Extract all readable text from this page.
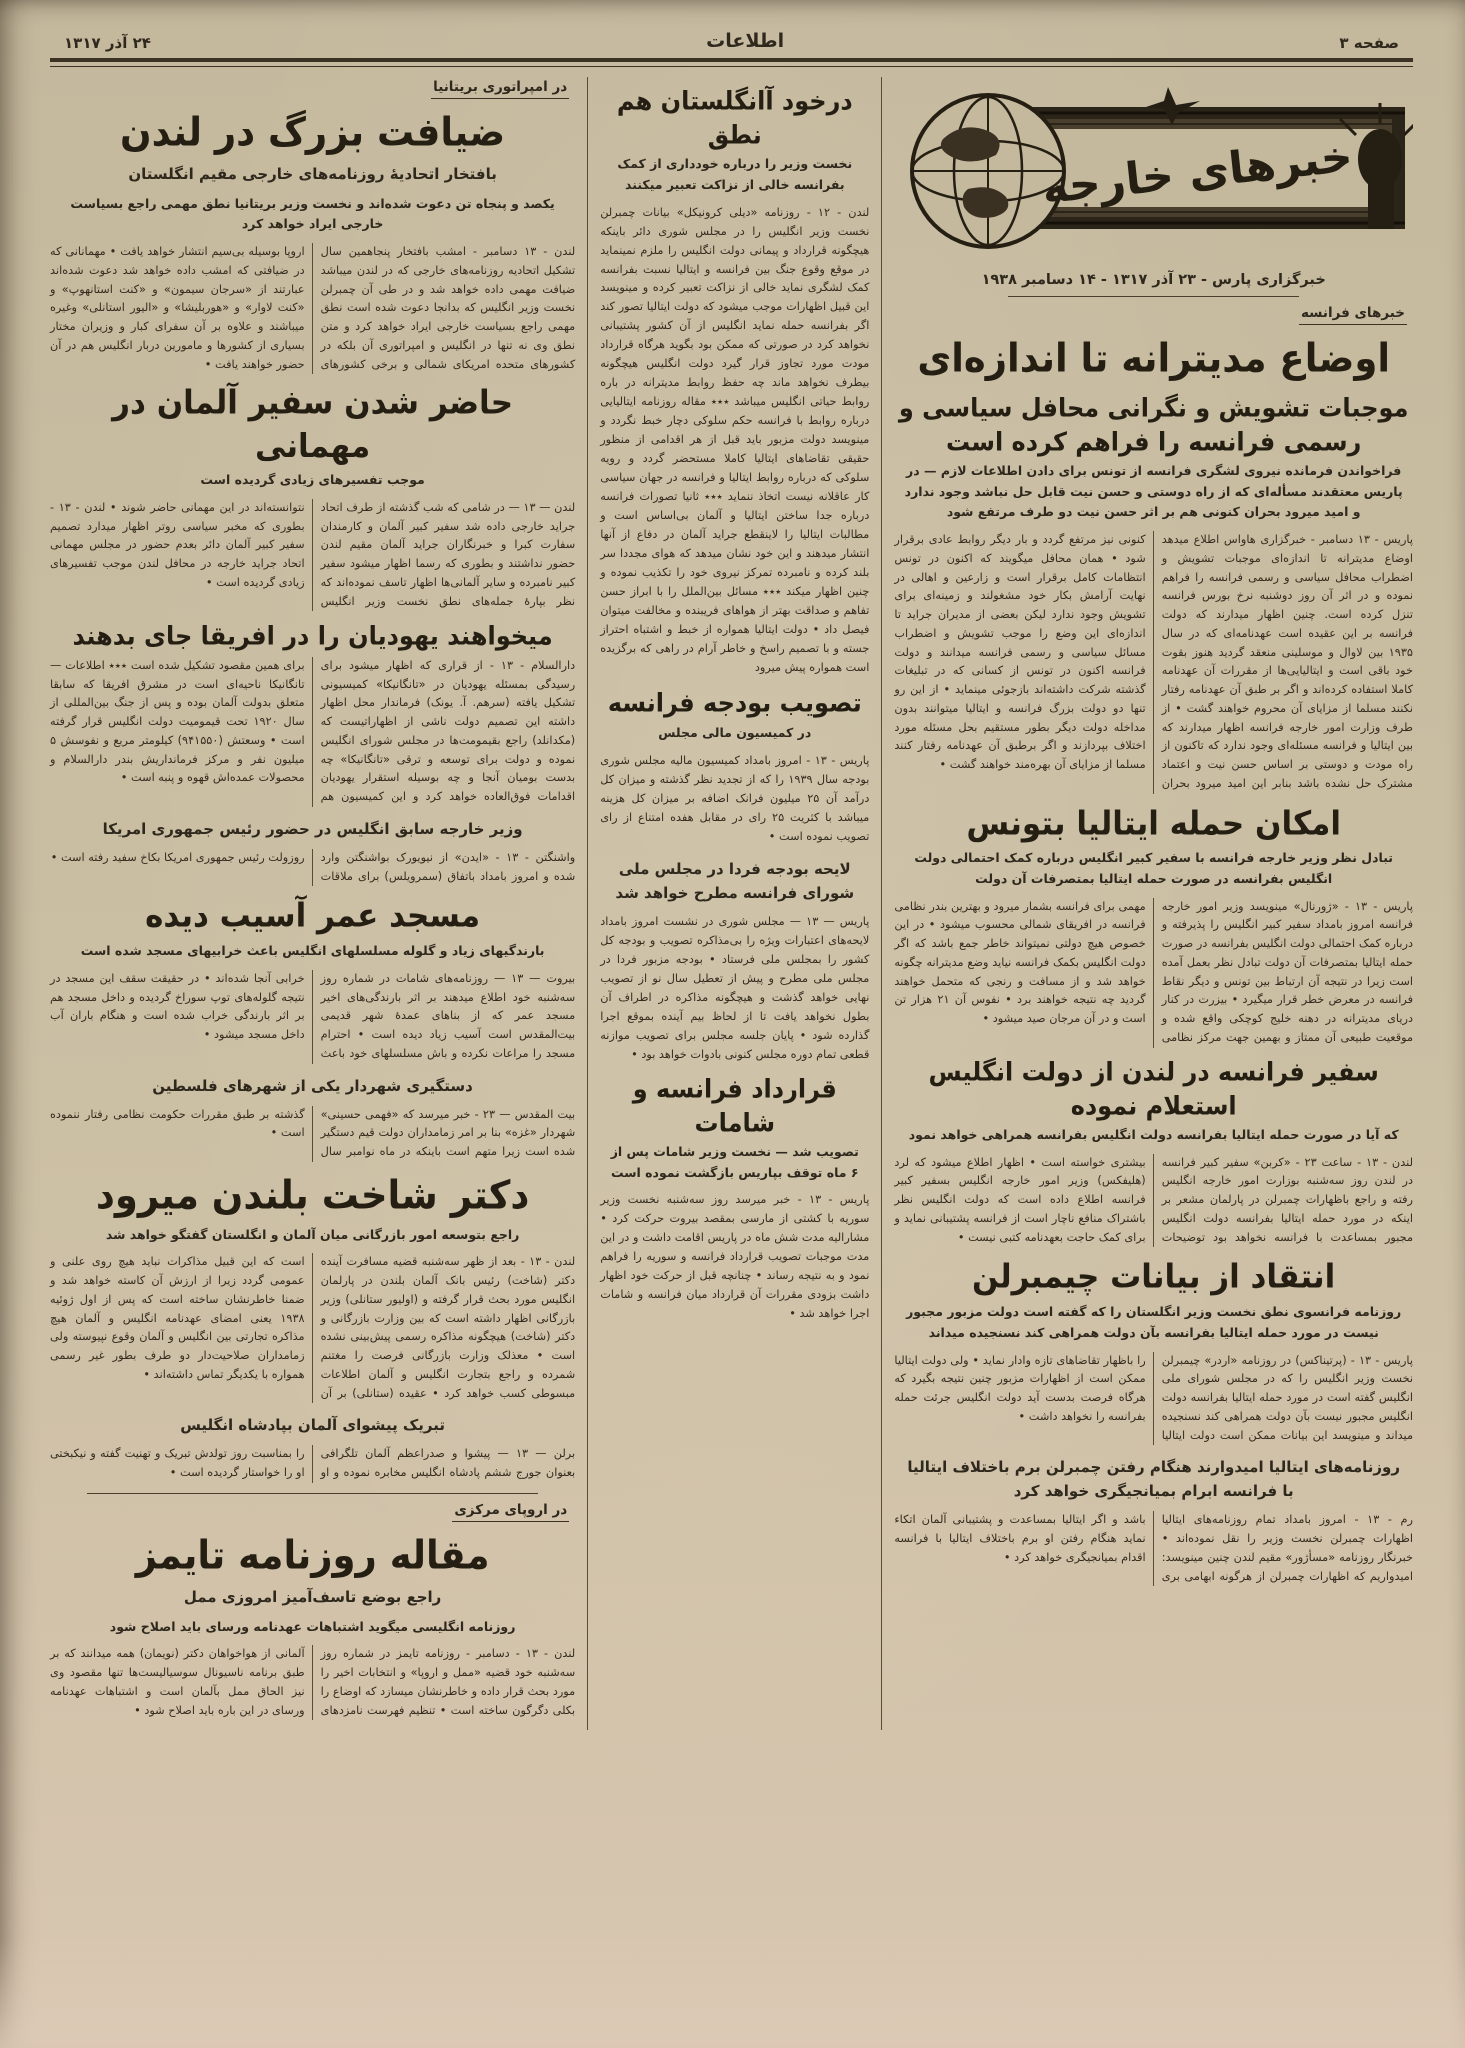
صفحه ۳
اطلاعات
۲۴ آذر ۱۳۱۷
خبرهای خارجه
خبرگزاری پارس - ۲۳ آذر ۱۳۱۷ - ۱۴ دسامبر ۱۹۳۸
خبرهای فرانسه
اوضاع مدیترانه تا اندازه‌ای
موجبات تشویش و نگرانی محافل سیاسی و رسمی فرانسه را فراهم کرده است
فراخواندن فرمانده نیروی لشگری فرانسه از تونس برای دادن اطلاعات لازم — در پاریس معتقدند مسأله‌ای که از راه دوستی و حسن نیت قابل حل نباشد وجود ندارد و امید میرود بحران کنونی هم بر اثر حسن نیت دو طرف مرتفع شود
پاریس - ۱۳ دسامبر - خبرگزاری هاواس اطلاع میدهد اوضاع مدیترانه تا اندازه‌ای موجبات تشویش و اضطراب محافل سیاسی و رسمی فرانسه را فراهم نموده و در اثر آن روز دوشنبه نرخ بورس فرانسه تنزل کرده است. چنین اظهار میدارند که دولت فرانسه بر این عقیده است عهدنامه‌ای که در سال ۱۹۳۵ بین لاوال و موسلینی منعقد گردید هنوز بقوت خود باقی است و ایتالیایی‌ها از مقررات آن عهدنامه کاملا استفاده کرده‌اند و اگر بر طبق آن عهدنامه رفتار نکنند مسلما از مزایای آن محروم خواهند گشت • از طرف وزارت امور خارجه فرانسه اظهار میدارند که بین ایتالیا و فرانسه مسئله‌ای وجود ندارد که تاکنون از راه مودت و دوستی بر اساس حسن نیت و اعتماد مشترک حل نشده باشد بنابر این امید میرود بحران کنونی نیز مرتفع گردد و بار دیگر روابط عادی برقرار شود • همان محافل میگویند که اکنون در تونس انتظامات کامل برقرار است و زارعین و اهالی در نهایت آرامش بکار خود مشغولند و زمینه‌ای برای تشویش وجود ندارد لیکن بعضی از مدیران جراید تا اندازه‌ای این وضع را موجب تشویش و اضطراب مسائل سیاسی و رسمی فرانسه میدانند و دولت فرانسه اکنون در تونس از کسانی که در تبلیغات گذشته شرکت داشته‌اند بازجوئی مینماید • از این رو تنها دو دولت بزرگ فرانسه و ایتالیا میتوانند بدون مداخله دولت دیگر بطور مستقیم بحل مسئله مورد اختلاف بپردازند و اگر برطبق آن عهدنامه رفتار کنند مسلما از مزایای آن بهره‌مند خواهند گشت •
امکان حمله ایتالیا بتونس
تبادل نظر وزیر خارجه فرانسه با سفیر کبیر انگلیس درباره کمک احتمالی دولت انگلیس بفرانسه در صورت حمله ایتالیا بمتصرفات آن دولت
پاریس - ۱۳ - «ژورنال» مینویسد وزیر امور خارجه فرانسه امروز بامداد سفیر کبیر انگلیس را پذیرفته و درباره کمک احتمالی دولت انگلیس بفرانسه در صورت حمله ایتالیا بمتصرفات آن دولت تبادل نظر بعمل آمده است زیرا در نتیجه آن ارتباط بین تونس و دیگر نقاط فرانسه در معرض خطر قرار میگیرد • بیزرت در کنار دریای مدیترانه در دهنه خلیج کوچکی واقع شده و موقعیت طبیعی آن ممتاز و بهمین جهت مرکز نظامی مهمی برای فرانسه بشمار میرود و بهترین بندر نظامی فرانسه در افریقای شمالی محسوب میشود • در این خصوص هیچ دولتی نمیتواند خاطر جمع باشد که اگر دولت انگلیس بکمک فرانسه نیاید وضع مدیترانه چگونه خواهد شد و از مسافت و رنجی که متحمل خواهند گردید چه نتیجه خواهند برد • نفوس آن ۲۱ هزار تن است و در آن مرجان صید میشود •
سفیر فرانسه در لندن از دولت انگلیس استعلام نموده
که آیا در صورت حمله ایتالیا بفرانسه دولت انگلیس بفرانسه همراهی خواهد نمود
لندن - ۱۳ - ساعت ۲۳ - «کربن» سفیر کبیر فرانسه در لندن روز سه‌شنبه بوزارت امور خارجه انگلیس رفته و راجع باظهارات چمبرلن در پارلمان مشعر بر اینکه در مورد حمله ایتالیا بفرانسه دولت انگلیس مجبور بمساعدت با فرانسه نخواهد بود توضیحات بیشتری خواسته است • اظهار اطلاع میشود که لرد (هلیفکس) وزیر امور خارجه انگلیس بسفیر کبیر فرانسه اطلاع داده است که دولت انگلیس نظر باشتراک منافع ناچار است از فرانسه پشتیبانی نماید و برای کمک حاجت بعهدنامه کتبی نیست •
انتقاد از بیانات چیمبرلن
روزنامه فرانسوی نطق نخست وزیر انگلستان را که گفته است دولت مزبور مجبور نیست در مورد حمله ایتالیا بفرانسه بآن دولت همراهی کند نسنجیده میداند
پاریس - ۱۳ - (پرتیناکس) در روزنامه «اردر» چیمبرلن نخست وزیر انگلیس را که در مجلس شورای ملی انگلیس گفته است در مورد حمله ایتالیا بفرانسه دولت انگلیس مجبور نیست بآن دولت همراهی کند نسنجیده میداند و مینویسد این بیانات ممکن است دولت ایتالیا را باظهار تقاضاهای تازه وادار نماید • ولی دولت ایتالیا ممکن است از اظهارات مزبور چنین نتیجه بگیرد که هرگاه فرصت بدست آید دولت انگلیس جرئت حمله بفرانسه را نخواهد داشت •
روزنامه‌های ایتالیا امیدوارند هنگام رفتن چمبرلن برم باختلاف ایتالیا با فرانسه ابرام بمیانجیگری خواهد کرد
رم - ۱۳ - امروز بامداد تمام روزنامه‌های ایتالیا اظهارات چمبرلن نخست وزیر را نقل نموده‌اند • خبرنگار روزنامه «مسأژور» مقیم لندن چنین مینویسد: امیدواریم که اظهارات چمبرلن از هرگونه ابهامی بری باشد و اگر ایتالیا بمساعدت و پشتیبانی آلمان اتکاء نماید هنگام رفتن او برم باختلاف ایتالیا با فرانسه اقدام بمیانجیگری خواهد کرد •
درخود آانگلستان هم نطق
نخست وزیر را درباره خودداری از کمک بفرانسه خالی از نزاکت تعبیر میکنند
لندن - ۱۲ - روزنامه «دیلی کرونیکل» بیانات چمبرلن نخست وزیر انگلیس را در مجلس شوری دائر باینکه هیچگونه قرارداد و پیمانی دولت انگلیس را ملزم نمینماید در موقع وقوع جنگ بین فرانسه و ایتالیا نسبت بفرانسه کمک لشگری نماید خالی از نزاکت تعبیر کرده و مینویسد این قبیل اظهارات موجب میشود که دولت ایتالیا تصور کند اگر بفرانسه حمله نماید انگلیس از آن کشور پشتیبانی نخواهد کرد در صورتی که ممکن بود بگوید هرگاه قرارداد مودت مورد تجاوز قرار گیرد دولت انگلیس هیچگونه بیطرف نخواهد ماند چه حفظ روابط مدیترانه در باره روابط حیاتی انگلیس میباشد ٭٭٭ مقاله روزنامه ایتالیایی درباره روابط با فرانسه حکم سلوکی دچار خبط نگردد و مینویسد دولت مزبور باید قبل از هر اقدامی از منظور حقیقی تقاضاهای ایتالیا کاملا مستحضر گردد و رویه سلوکی که درباره روابط ایتالیا و فرانسه در جهان سیاسی کار عاقلانه نیست اتخاذ ننماید ٭٭٭ ثانیا تصورات فرانسه درباره جدا ساختن ایتالیا و آلمان بی‌اساس است و مطالبات ایتالیا را لاینقطع جراید آلمان در دفاع از آنها انتشار میدهند و این خود نشان میدهد که هوای مجددا سر بلند کرده و نامبرده تمرکز نیروی خود را تکذیب نموده و چنین اظهار میکند ٭٭٭ مسائل بین‌الملل را با ابراز حسن تفاهم و صداقت بهتر از هواهای فریبنده و مخالفت میتوان فیصل داد • دولت ایتالیا همواره از خبط و اشتباه احتراز جسته و با تصمیم راسخ و خاطر آرام در راهی که برگزیده است همواره پیش میرود
تصویب بودجه فرانسه
در کمیسیون مالی مجلس
پاریس - ۱۳ - امروز بامداد کمیسیون مالیه مجلس شوری بودجه سال ۱۹۳۹ را که از تجدید نظر گذشته و میزان کل درآمد آن ۲۵ میلیون فرانک اضافه بر میزان کل هزینه میباشد با کثریت ۲۵ رای در مقابل هفده امتناع از رای تصویب نموده است •
لایحه بودجه فردا در مجلس ملی شورای فرانسه مطرح خواهد شد
پاریس — ۱۳ — مجلس شوری در نشست امروز بامداد لایحه‌های اعتبارات ویژه را بی‌مذاکره تصویب و بودجه کل کشور را بمجلس ملی فرستاد • بودجه مزبور فردا در مجلس ملی مطرح و پیش از تعطیل سال نو از تصویب نهایی خواهد گذشت و هیچگونه مذاکره در اطراف آن بطول نخواهد یافت تا از لحاظ بیم آینده بموقع اجرا گذارده شود • پایان جلسه مجلس برای تصویب موازنه قطعی تمام دوره مجلس کنونی بادوات خواهد بود •
قرارداد فرانسه و شامات
تصویب شد — نخست وزیر شامات پس از ۶ ماه توقف بپاریس بازگشت نموده است
پاریس - ۱۳ - خبر میرسد روز سه‌شنبه نخست وزیر سوریه با کشتی از مارسی بمقصد بیروت حرکت کرد • مشارالیه مدت شش ماه در پاریس اقامت داشت و در این مدت موجبات تصویب قرارداد فرانسه و سوریه را فراهم نمود و به نتیجه رساند • چنانچه قبل از حرکت خود اظهار داشت بزودی مقررات آن قرارداد میان فرانسه و شامات اجرا خواهد شد •
در امپراتوری بریتانیا
ضیافت بزرگ در لندن
بافتخار اتحادیهٔ روزنامه‌های خارجی مقیم انگلستان
یکصد و پنجاه تن دعوت شده‌اند و نخست وزیر بریتانیا نطق مهمی راجع بسیاست خارجی ایراد خواهد کرد
لندن - ۱۳ دسامبر - امشب بافتخار پنجاهمین سال تشکیل اتحادیه روزنامه‌های خارجی که در لندن میباشد ضیافت مهمی داده خواهد شد و در طی آن چمبرلن نخست وزیر انگلیس که بدانجا دعوت شده است نطق مهمی راجع بسیاست خارجی ایراد خواهد کرد و متن نطق وی نه تنها در انگلیس و امپراتوری آن بلکه در کشورهای متحده امریکای شمالی و برخی کشورهای اروپا بوسیله بی‌سیم انتشار خواهد یافت • مهمانانی که در ضیافتی که امشب داده خواهد شد دعوت شده‌اند عبارتند از «سرجان سیمون» و «کنت استانهوپ» و «کنت لاوار» و «هوربلیشا» و «الیور استانلی» وغیره میباشند و علاوه بر آن سفرای کبار و وزیران مختار بسیاری از کشورها و مامورین دربار انگلیس هم در آن حضور خواهند یافت •
حاضر شدن سفیر آلمان در مهمانی
موجب تفسیرهای زیادی گردیده است
لندن — ۱۳ — در شامی که شب گذشته از طرف اتحاد جراید خارجی داده شد سفیر کبیر آلمان و کارمندان سفارت کبرا و خبرنگاران جراید آلمان مقیم لندن حضور نداشتند و بطوری که رسما اظهار میشود سفیر کبیر نامبرده و سایر آلمانی‌ها اظهار تاسف نموده‌اند که نظر بپارهٔ جمله‌های نطق نخست وزیر انگلیس نتوانسته‌اند در این مهمانی حاضر شوند • لندن - ۱۳ - بطوری که مخبر سیاسی روتر اظهار میدارد تصمیم سفیر کبیر آلمان دائر بعدم حضور در مجلس مهمانی اتحاد جراید خارجه در محافل لندن موجب تفسیرهای زیادی گردیده است •
میخواهند یهودیان را در افریقا جای بدهند
دارالسلام - ۱۳ - از قراری که اظهار میشود برای رسیدگی بمسئله یهودیان در «تانگانیکا» کمیسیونی تشکیل یافته (سرهم. آ. یونک) فرماندار محل اظهار داشته این تصمیم دولت ناشی از اظهاراتیست که (مکدانلد) راجع بقیمومت‌ها در مجلس شورای انگلیس نموده و دولت برای توسعه و ترقی «تانگانیکا» چه بدست بومیان آنجا و چه بوسیله استقرار یهودیان اقدامات فوق‌العاده خواهد کرد و این کمیسیون هم برای همین مقصود تشکیل شده است ٭٭٭ اطلاعات — تانگانیکا ناحیه‌ای است در مشرق افریقا که سابقا متعلق بدولت آلمان بوده و پس از جنگ بین‌المللی از سال ۱۹۲۰ تحت قیمومیت دولت انگلیس قرار گرفته است • وسعتش (۹۴۱۵۵۰) کیلومتر مربع و نفوسش ۵ میلیون نفر و مرکز فرمانداریش بندر دارالسلام و محصولات عمده‌اش قهوه و پنبه است •
وزیر خارجه سابق انگلیس در حضور رئیس جمهوری امریکا
واشنگتن - ۱۳ - «ایدن» از نیویورک بواشنگتن وارد شده و امروز بامداد باتفاق (سمرویلس) برای ملاقات روزولت رئیس جمهوری امریکا بکاخ سفید رفته است •
مسجد عمر آسیب دیده
بارندگیهای زیاد و گلوله مسلسلهای انگلیس باعث خرابیهای مسجد شده است
بیروت — ۱۳ — روزنامه‌های شامات در شماره روز سه‌شنبه خود اطلاع میدهند بر اثر بارندگی‌های اخیر مسجد عمر که از بناهای عمدهٔ شهر قدیمی بیت‌المقدس است آسیب زیاد دیده است • احترام مسجد را مراعات نکرده و باش مسلسلهای خود باعث خرابی آنجا شده‌اند • در حقیقت سقف این مسجد در نتیجه گلوله‌های توپ سوراخ گردیده و داخل مسجد هم بر اثر بارندگی خراب شده است و هنگام باران آب داخل مسجد میشود •
دستگیری شهردار یکی از شهرهای فلسطین
بیت المقدس — ۲۳ - خبر میرسد که «فهمی حسینی» شهردار «غزه» بنا بر امر زمامداران دولت قیم دستگیر شده است زیرا متهم است باینکه در ماه نوامبر سال گذشته بر طبق مقررات حکومت نظامی رفتار ننموده است •
دکتر شاخت بلندن میرود
راجع بتوسعه امور بازرگانی میان آلمان و انگلستان گفتگو خواهد شد
لندن - ۱۳ - بعد از ظهر سه‌شنبه قضیه مسافرت آینده دکتر (شاخت) رئیس بانک آلمان بلندن در پارلمان انگلیس مورد بحث قرار گرفته و (اولیور ستانلی) وزیر بازرگانی اظهار داشته است که بین وزارت بازرگانی و دکتر (شاخت) هیچگونه مذاکره رسمی پیش‌بینی نشده است • معذلک وزارت بازرگانی فرصت را مغتنم شمرده و راجع بتجارت انگلیس و آلمان اطلاعات مبسوطی کسب خواهد کرد • عقیده (ستانلی) بر آن است که این قبیل مذاکرات نباید هیچ روی علنی و عمومی گردد زیرا از ارزش آن کاسته خواهد شد و ضمنا خاطرنشان ساخته است که پس از اول ژوئیه ۱۹۳۸ یعنی امضای عهدنامه انگلیس و آلمان هیچ مذاکره تجارتی بین انگلیس و آلمان وقوع نپیوسته ولی زمامداران صلاحیت‌دار دو طرف بطور غیر رسمی همواره با یکدیگر تماس داشته‌اند •
تبریک پیشوای آلمان بپادشاه انگلیس
برلن — ۱۳ — پیشوا و صدراعظم آلمان تلگرافی بعنوان جورج ششم پادشاه انگلیس مخابره نموده و او را بمناسبت روز تولدش تبریک و تهنیت گفته و نیکبختی او را خواستار گردیده است •
در اروپای مرکزی
مقاله روزنامه تایمز
راجع بوضع تاسف‌آمیز امروزی ممل
روزنامه انگلیسی میگوید اشتباهات عهدنامه ورسای باید اصلاح شود
لندن - ۱۳ - دسامبر - روزنامه تایمز در شماره روز سه‌شنبه خود قضیه «ممل و اروپا» و انتخابات اخیر را مورد بحث قرار داده و خاطرنشان میسازد که اوضاع را بکلی دگرگون ساخته است • تنظیم فهرست نامزدهای آلمانی از هواخواهان دکتر (نویمان) همه میدانند که بر طبق برنامه ناسیونال سوسیالیست‌ها تنها مقصود وی نیز الحاق ممل بآلمان است و اشتباهات عهدنامه ورسای در این باره باید اصلاح شود •
